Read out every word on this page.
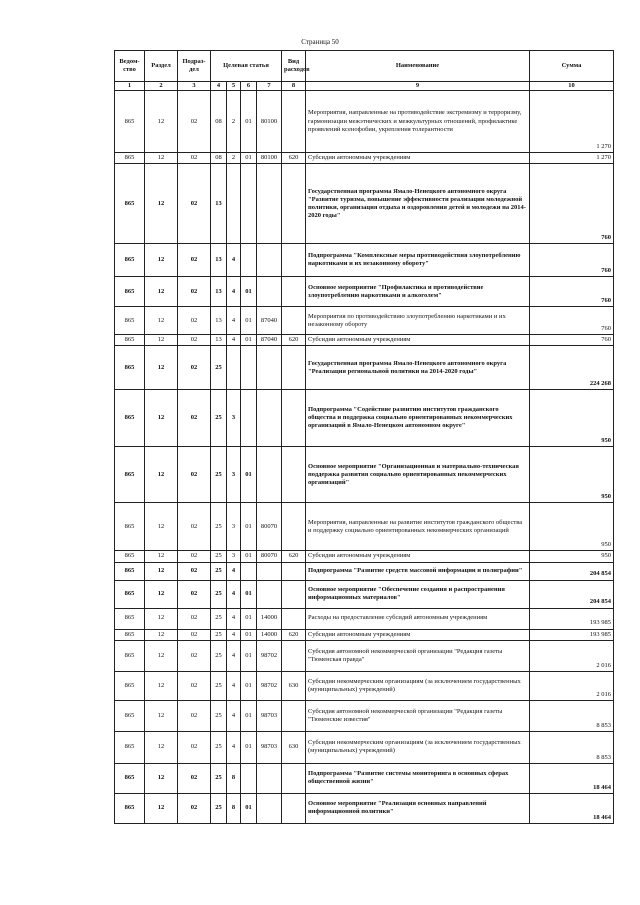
Страница 50
Ведом-ство	Раздел	Подраз-дел	Целевая статья				Вид расходов	Наименование	Сумма
1	2	3	4	5	6	7	8	9	10
865	12	02	08	2	01	80100		Мероприятия, направленные на противодействие экстремизму и терроризму, гармонизации межэтнических и межкультурных отношений, профилактике проявлений ксенофобии, укрепления толерантности	1 270
865	12	02	08	2	01	80100	620	Субсидии автономным учреждениям	1 270
865	12	02	13					Государственная программа Ямало-Ненецкого автономного округа "Развитие туризма, повышение эффективности реализации молодежной политики, организация отдыха и оздоровления детей и молодежи на 2014-2020 годы"	760
865	12	02	13	4				Подпрограмма "Комплексные меры противодействия злоупотреблению наркотиками и их незаконному обороту"	760
865	12	02	13	4	01			Основное мероприятие "Профилактика и противодействие злоупотреблению наркотиками и алкоголем"	760
865	12	02	13	4	01	87040		Мероприятия по противодействию злоупотреблению наркотиками и их незаконному обороту	760
865	12	02	13	4	01	87040	620	Субсидии автономным учреждениям	760
865	12	02	25					Государственная программа Ямало-Ненецкого автономного округа "Реализация региональной политики на 2014-2020 годы"	224 268
865	12	02	25	3				Подпрограмма "Содействие развитию институтов гражданского общества и поддержка социально ориентированных некоммерческих организаций в Ямало-Ненецком автономном округе"	950
865	12	02	25	3	01			Основное мероприятие "Организационная и материально-техническая поддержка развития социально ориентированных некоммерческих организаций"	950
865	12	02	25	3	01	80070		Мероприятия, направленные на развитие институтов гражданского общества и поддержку социально ориентированных некоммерческих организаций	950
865	12	02	25	3	01	80070	620	Субсидии автономным учреждениям	950
865	12	02	25	4				Подпрограмма "Развитие средств массовой информации и полиграфии"	204 854
865	12	02	25	4	01			Основное мероприятие "Обеспечение создания и распространения информационных материалов"	204 854
865	12	02	25	4	01	14000		Расходы на предоставление субсидий автономным учреждениям	193 985
865	12	02	25	4	01	14000	620	Субсидии автономным учреждениям	193 985
865	12	02	25	4	01	98702		Субсидия автономной некоммерческой организации "Редакция газеты "Тюменская правда"	2 016
865	12	02	25	4	01	98702	630	Субсидии некоммерческим организациям (за исключением государственных (муниципальных) учреждений)	2 016
865	12	02	25	4	01	98703		Субсидия автономной некоммерческой организации "Редакция газеты "Тюменские известия"	8 853
865	12	02	25	4	01	98703	630	Субсидии некоммерческим организациям (за исключением государственных (муниципальных) учреждений)	8 853
865	12	02	25	8				Подпрограмма "Развитие системы мониторинга в основных сферах общественной жизни"	18 464
865	12	02	25	8	01			Основное мероприятие "Реализация основных направлений информационной политики"	18 464
